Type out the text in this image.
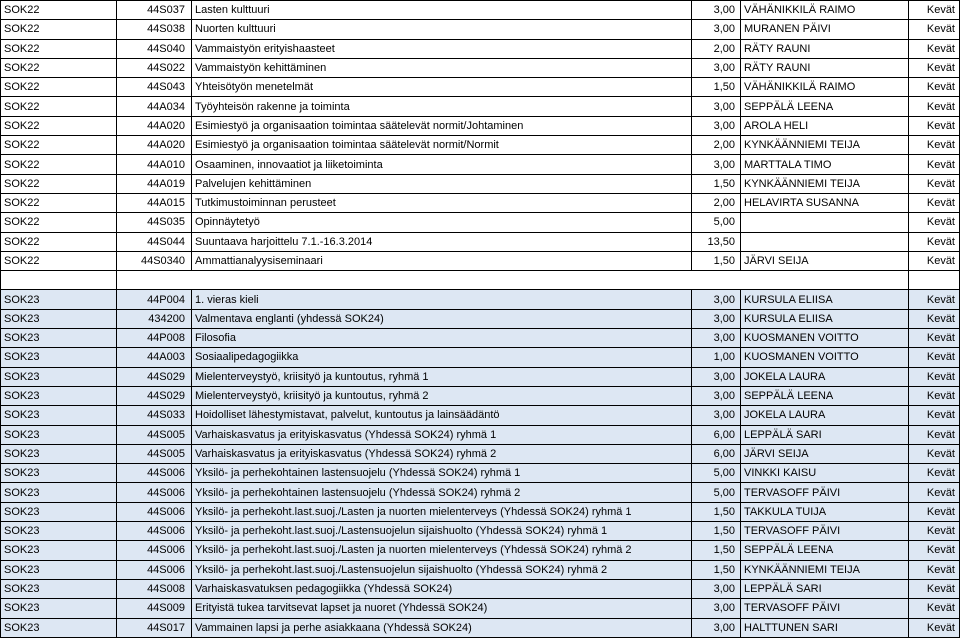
SOK22	44S037	Lasten kulttuuri	3,00	VÄHÄNIKKILÄ RAIMO	Kevät
SOK22	44S038	Nuorten kulttuuri	3,00	MURANEN PÄIVI	Kevät
SOK22	44S040	Vammaistyön erityishaasteet	2,00	RÄTY RAUNI	Kevät
SOK22	44S022	Vammaistyön kehittäminen	3,00	RÄTY RAUNI	Kevät
SOK22	44S043	Yhteisötyön menetelmät	1,50	VÄHÄNIKKILÄ RAIMO	Kevät
SOK22	44A034	Työyhteisön rakenne ja toiminta	3,00	SEPPÄLÄ LEENA	Kevät
SOK22	44A020	Esimiestyö ja organisaation toimintaa säätelevät normit/Johtaminen	3,00	AROLA HELI	Kevät
SOK22	44A020	Esimiestyö ja organisaation toimintaa säätelevät normit/Normit	2,00	KYNKÄÄNNIEMI TEIJA	Kevät
SOK22	44A010	Osaaminen, innovaatiot ja liiketoiminta	3,00	MARTTALA TIMO	Kevät
SOK22	44A019	Palvelujen kehittäminen	1,50	KYNKÄÄNNIEMI TEIJA	Kevät
SOK22	44A015	Tutkimustoiminnan perusteet	2,00	HELAVIRTA SUSANNA	Kevät
SOK22	44S035	Opinnäytetyö	5,00		Kevät
SOK22	44S044	Suuntaava harjoittelu 7.1.-16.3.2014	13,50		Kevät
SOK22	44S0340	Ammattianalyysiseminaari	1,50	JÄRVI SEIJA	Kevät

SOK23	44P004	1. vieras kieli	3,00	KURSULA ELIISA	Kevät
SOK23	434200	Valmentava englanti (yhdessä SOK24)	3,00	KURSULA ELIISA	Kevät
SOK23	44P008	Filosofia	3,00	KUOSMANEN VOITTO	Kevät
SOK23	44A003	Sosiaalipedagogiikka	1,00	KUOSMANEN VOITTO	Kevät
SOK23	44S029	Mielenterveystyö, kriisityö ja kuntoutus, ryhmä 1	3,00	JOKELA LAURA	Kevät
SOK23	44S029	Mielenterveystyö, kriisityö ja kuntoutus, ryhmä 2	3,00	SEPPÄLÄ LEENA	Kevät
SOK23	44S033	Hoidolliset lähestymistavat, palvelut, kuntoutus ja lainsäädäntö	3,00	JOKELA LAURA	Kevät
SOK23	44S005	Varhaiskasvatus ja erityiskasvatus (Yhdessä SOK24) ryhmä 1	6,00	LEPPÄLÄ SARI	Kevät
SOK23	44S005	Varhaiskasvatus ja erityiskasvatus (Yhdessä SOK24) ryhmä 2	6,00	JÄRVI SEIJA	Kevät
SOK23	44S006	Yksilö- ja perhekohtainen lastensuojelu (Yhdessä SOK24) ryhmä 1	5,00	VINKKI KAISU	Kevät
SOK23	44S006	Yksilö- ja perhekohtainen lastensuojelu (Yhdessä SOK24) ryhmä 2	5,00	TERVASOFF PÄIVI	Kevät
SOK23	44S006	Yksilö- ja perhekoht.last.suoj./Lasten ja nuorten mielenterveys (Yhdessä SOK24) ryhmä 1	1,50	TAKKULA TUIJA	Kevät
SOK23	44S006	Yksilö- ja perhekoht.last.suoj./Lastensuojelun sijaishuolto (Yhdessä SOK24) ryhmä 1	1,50	TERVASOFF PÄIVI	Kevät
SOK23	44S006	Yksilö- ja perhekoht.last.suoj./Lasten ja nuorten mielenterveys (Yhdessä SOK24) ryhmä 2	1,50	SEPPÄLÄ LEENA	Kevät
SOK23	44S006	Yksilö- ja perhekoht.last.suoj./Lastensuojelun sijaishuolto (Yhdessä SOK24) ryhmä 2	1,50	KYNKÄÄNNIEMI TEIJA	Kevät
SOK23	44S008	Varhaiskasvatuksen pedagogiikka (Yhdessä SOK24)	3,00	LEPPÄLÄ SARI	Kevät
SOK23	44S009	Erityistä tukea tarvitsevat lapset ja nuoret (Yhdessä SOK24)	3,00	TERVASOFF PÄIVI	Kevät
SOK23	44S017	Vammainen lapsi ja perhe asiakkaana (Yhdessä SOK24)	3,00	HALTTUNEN SARI	Kevät
